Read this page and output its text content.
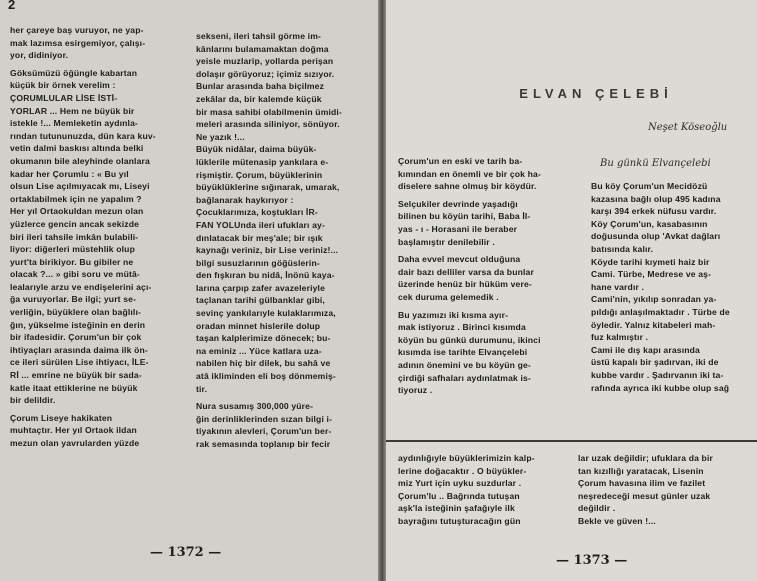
2
her çareye baş vuruyor, ne yap-
mak lazımsa esirgemiyor, çalışı-
yor, didiniyor.
Göksümüzü öğüngle kabartan
küçük bir örnek verelim :
ÇORUMLULAR LİSE İSTİ-
YORLAR ... Hem ne büyük bir
istekle !... Memleketin aydınla-
rından tutununuzda, dün kara kuv-
vetin dalmi baskısı altında belki
okumanın bile aleyhinde olanlara
kadar her Çorumlu : « Bu yıl
olsun Lise açılmıyacak mı, Liseyi
ortaklabilmek için ne yapalım ?
Her yıl Ortaokuldan mezun olan
yüzlerce gencin ancak sekizde
biri ileri tahsile imkân bulabili-
liyor: diğerleri müstehlik olup
yurt'ta birikiyor. Bu gibiler ne
olacak ?... » gibi soru ve mütâ-
lealarıyle arzu ve endişelerini açı-
ğa vuruyorlar. Be ilgi; yurt se-
verliğin, büyüklere olan bağlılı-
ğın, yükselme isteğinin en derin
bir ifadesidir. Çorum'un bir çok
ihtiyaçları arasında daima ilk ön-
ce ileri sürülen Lise ihtiyacı, İLE-
Rİ ... emrine ne büyük bir sada-
katle itaat ettiklerine ne büyük
bir delildir.
Çorum Liseye hakikaten
muhtaçtır. Her yıl Ortaok ildan
mezun olan yavrularden yüzde
sekseni, ileri tahsil görme im-
kânlarını bulamamaktan doğma
yeisle muzlarip, yollarda perişan
dolaşır görüyoruz; içimiz sızıyor.
Bunlar arasında baha biçilmez
zekâlar da, bir kalemde küçük
bir masa sahibi olabilmenin ümidi-
meleri arasında siliniyor, sönüyor.
Ne yazık !...
Büyük nidâlar, daima büyük-
lüklerile mütenasip yankılara e-
rişmiştir. Çorum, büyüklerinin
büyüklüklerine sığınarak, umarak,
bağlanarak haykırıyor :
Çocuklarımıza, koştukları İR-
FAN YOLUnda ileri ufukları ay-
dınlatacak bir meş'ale; bir ışık
kaynağı veriniz, bir Lise veriniz!...
bilgi susuzlarının göğüslerin-
den fışkıran bu nidâ, İnönü kaya-
larına çarpıp zafer avazeleriyle
taçlanan tarihi gülbanklar gibi,
sevinç yankılarıyle kulaklarımıza,
oradan minnet hislerile dolup
taşan kalplerimize dönecek; bu-
na eminiz ... Yüce katlara uza-
nabilen hiç bir dilek, bu sahâ ve
atâ ikliminden eli boş dönmemiş-
tir.
Nura susamış 300,000 yüre-
ğin derinliklerinden sızan bilgi i-
tiyakının alevleri, Çorum'un ber-
rak semasında toplanıp bir fecir
— 1372 —
ELVAN ÇELEBİ
Neşet Köseoğlu
Çorum'un en eski ve tarih ba-
kımından en önemli ve bir çok ha-
diselere sahne olmuş bir köydür.
Selçukiler devrinde yaşadığı
bilinen bu köyün tarihi, Baba İl-
yas - ı - Horasani ile beraber
başlamıştır denilebilir .
Daha evvel mevcut olduğuna
dair bazı delliler varsa da bunlar
üzerinde henüz bir hüküm vere-
cek duruma gelemedik .
Bu yazımızı iki kısma ayır-
mak istiyoruz . Birinci kısımda
köyün bu günkü durumunu, ikinci
kısımda ise tarihte Elvançelebi
adının önemini ve bu köyün ge-
çirdiği safhaları aydınlatmak is-
tiyoruz .
Bu günkü Elvançelebi
Bu köy Çorum'un Mecidözü
kazasına bağlı olup 495 kadına
karşı 394 erkek nüfusu vardır.
Köy Çorum'un, kasabasının
doğusunda olup 'Avkat dağları
batısında kalır.
Köyde tarihi kıymeti haiz bir
Cami. Türbe, Medrese ve aş-
hane vardır .
Cami'nin, yıkılıp sonradan ya-
pıldığı anlaşılmaktadır . Türbe de
öyledir. Yalnız kitabeleri mah-
fuz kalmıştır .
Cami ile dış kapı arasında
üstü kapalı bir şadırvan, iki de
kubbe vardır . Şadırvanın iki ta-
rafında ayrıca iki kubbe olup sağ
aydınlığıyle büyüklerimizin kalp-
lerine doğacaktır . O büyükler-
miz Yurt için uyku suzdurlar .
Çorum'lu .. Bağrında tutuşan
aşk'la isteğinin şafağıyle ilk
bayrağını tutuşturacağın gün
lar uzak değildir; ufuklara da bir
tan kızıllığı yaratacak, Lisenin
Çorum havasına ilim ve fazilet
neşredeceği mesut günler uzak
değildir .
Bekle ve güven !...
— 1373 —
